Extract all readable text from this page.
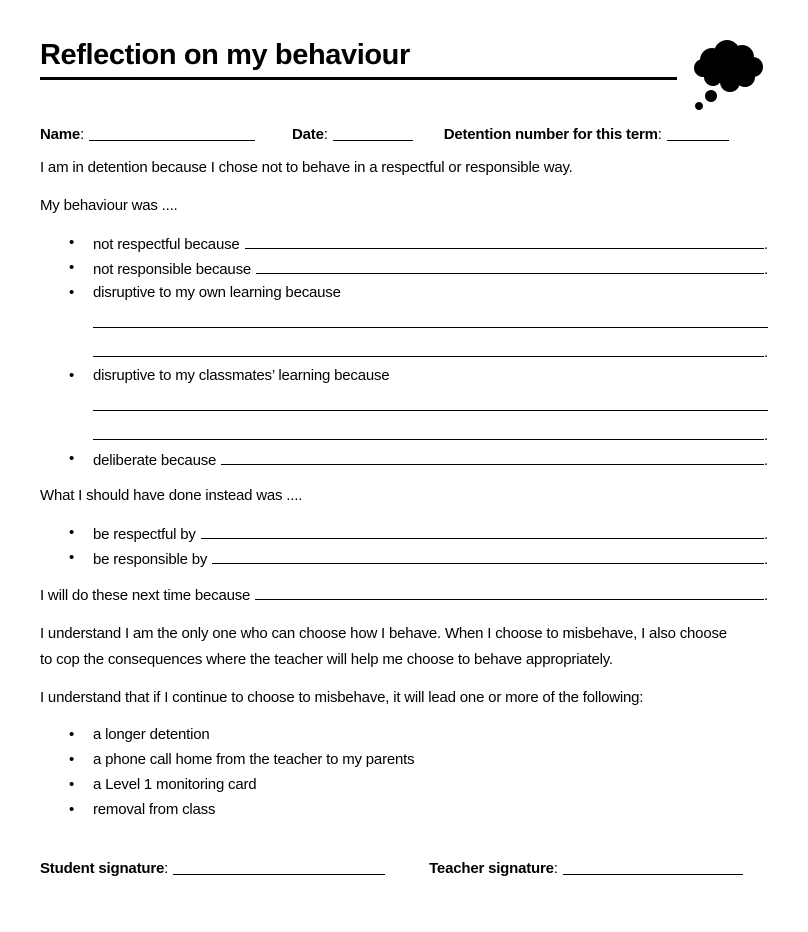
Reflection on my behaviour
Name:	Date:	Detention number for this term:

I am in detention because I chose not to behave in a respectful or responsible way.

My behaviour was ....

• not respectful because	.
• not responsible because	.
• disruptive to my own learning because
.
• disruptive to my classmates’ learning because
.
• deliberate because	.

What I should have done instead was ....

• be respectful by	.
• be responsible by	.

I will do these next time because	.

I understand I am the only one who can choose how I behave. When I choose to misbehave, I also choose to cop the consequences where the teacher will help me choose to behave appropriately.

I understand that if I continue to choose to misbehave, it will lead one or more of the following:

• a longer detention
• a phone call home from the teacher to my parents
• a Level 1 monitoring card
• removal from class
Student signature:	Teacher signature:
